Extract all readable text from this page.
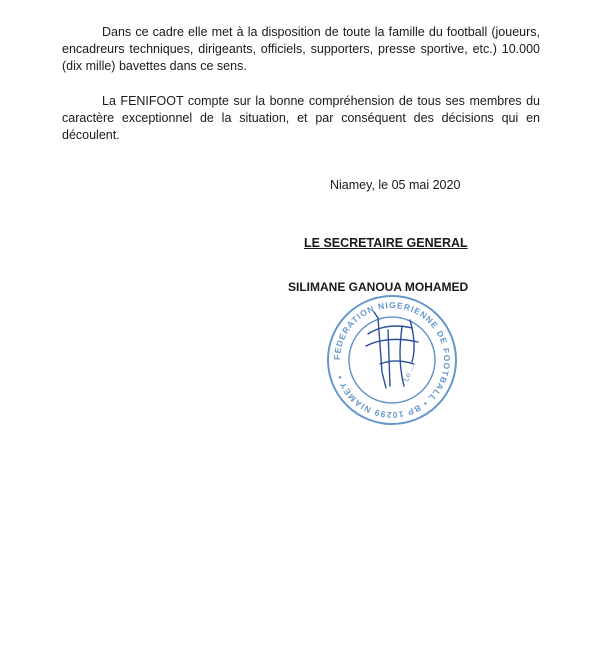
Dans ce cadre elle met à la disposition de toute la famille du football (joueurs, encadreurs techniques, dirigeants, officiels, supporters, presse sportive, etc.) 10.000 (dix mille) bavettes dans ce sens.

La FENIFOOT compte sur la bonne compréhension de tous ses membres du caractère exceptionnel de la situation, et par conséquent des décisions qui en découlent.

Niamey, le 05 mai 2020
LE SECRETAIRE GENERAL
SILIMANE GANOUA MOHAMED
FEDERATION NIGERIENNE DE FOOTBALL • BP 10299 NIAMEY •	Le ...
